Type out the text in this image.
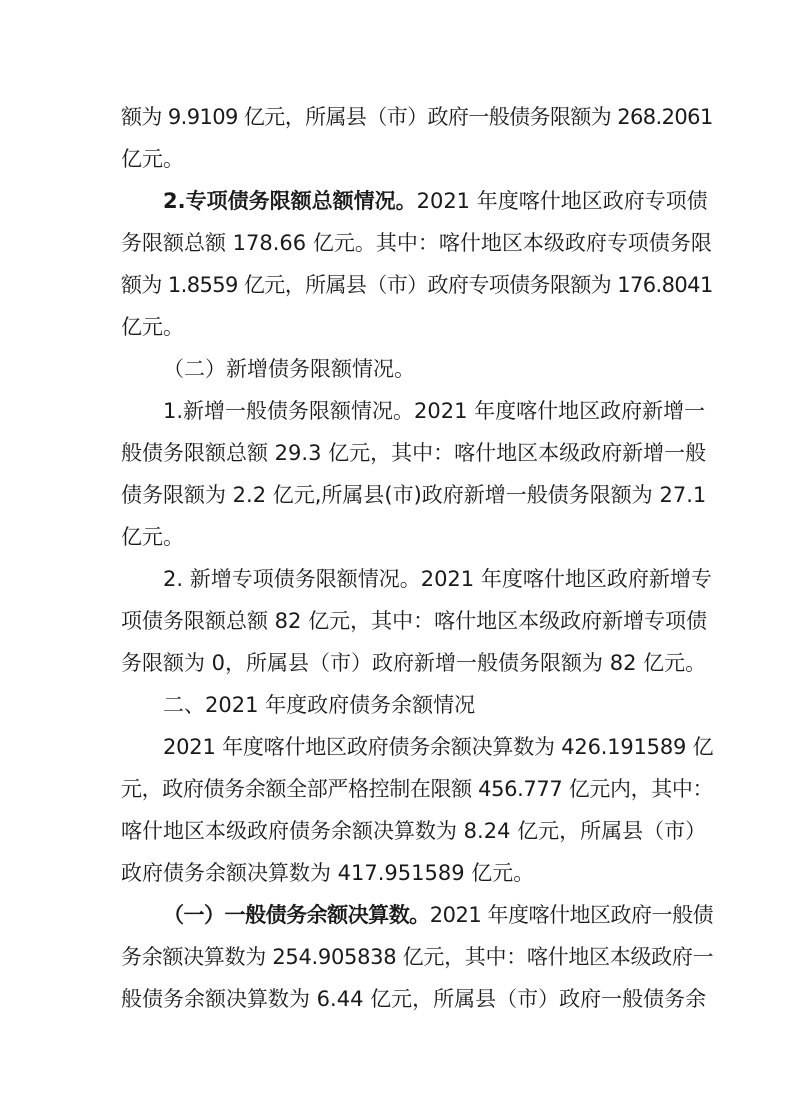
额为 9.9109 亿元，所属县（市）政府一般债务限额为 268.2061
亿元。
2.专项债务限额总额情况。2021 年度喀什地区政府专项债
务限额总额 178.66 亿元。其中：喀什地区本级政府专项债务限
额为 1.8559 亿元，所属县（市）政府专项债务限额为 176.8041
亿元。
（二）新增债务限额情况。
1.新增一般债务限额情况。2021 年度喀什地区政府新增一
般债务限额总额 29.3 亿元，其中：喀什地区本级政府新增一般
债务限额为 2.2 亿元,所属县(市)政府新增一般债务限额为 27.1
亿元。
2. 新增专项债务限额情况。2021 年度喀什地区政府新增专
项债务限额总额 82 亿元，其中：喀什地区本级政府新增专项债
务限额为 0，所属县（市）政府新增一般债务限额为 82 亿元。
二、2021 年度政府债务余额情况
2021 年度喀什地区政府债务余额决算数为 426.191589 亿
元，政府债务余额全部严格控制在限额 456.777 亿元内，其中：
喀什地区本级政府债务余额决算数为 8.24 亿元，所属县（市）
政府债务余额决算数为 417.951589 亿元。
（一）一般债务余额决算数。2021 年度喀什地区政府一般债
务余额决算数为 254.905838 亿元，其中：喀什地区本级政府一
般债务余额决算数为 6.44 亿元，所属县（市）政府一般债务余
